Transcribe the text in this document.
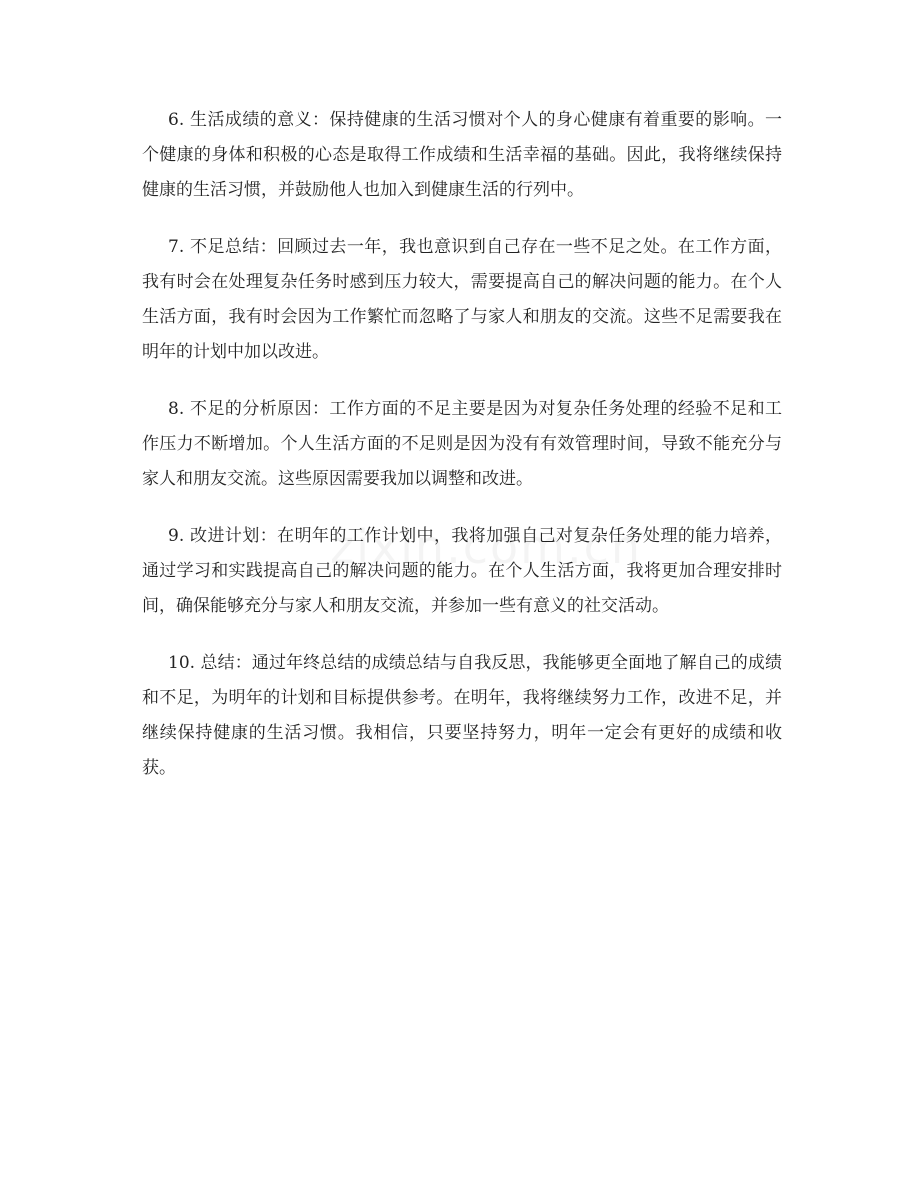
6. 生活成绩的意义：保持健康的生活习惯对个人的身心健康有着重要的影响。一个健康的身体和积极的心态是取得工作成绩和生活幸福的基础。因此，我将继续保持健康的生活习惯，并鼓励他人也加入到健康生活的行列中。

7. 不足总结：回顾过去一年，我也意识到自己存在一些不足之处。在工作方面，我有时会在处理复杂任务时感到压力较大，需要提高自己的解决问题的能力。在个人生活方面，我有时会因为工作繁忙而忽略了与家人和朋友的交流。这些不足需要我在明年的计划中加以改进。

8. 不足的分析原因：工作方面的不足主要是因为对复杂任务处理的经验不足和工作压力不断增加。个人生活方面的不足则是因为没有有效管理时间，导致不能充分与家人和朋友交流。这些原因需要我加以调整和改进。

9. 改进计划：在明年的工作计划中，我将加强自己对复杂任务处理的能力培养，通过学习和实践提高自己的解决问题的能力。在个人生活方面，我将更加合理安排时间，确保能够充分与家人和朋友交流，并参加一些有意义的社交活动。

10. 总结：通过年终总结的成绩总结与自我反思，我能够更全面地了解自己的成绩和不足，为明年的计划和目标提供参考。在明年，我将继续努力工作，改进不足，并继续保持健康的生活习惯。我相信，只要坚持努力，明年一定会有更好的成绩和收获。
